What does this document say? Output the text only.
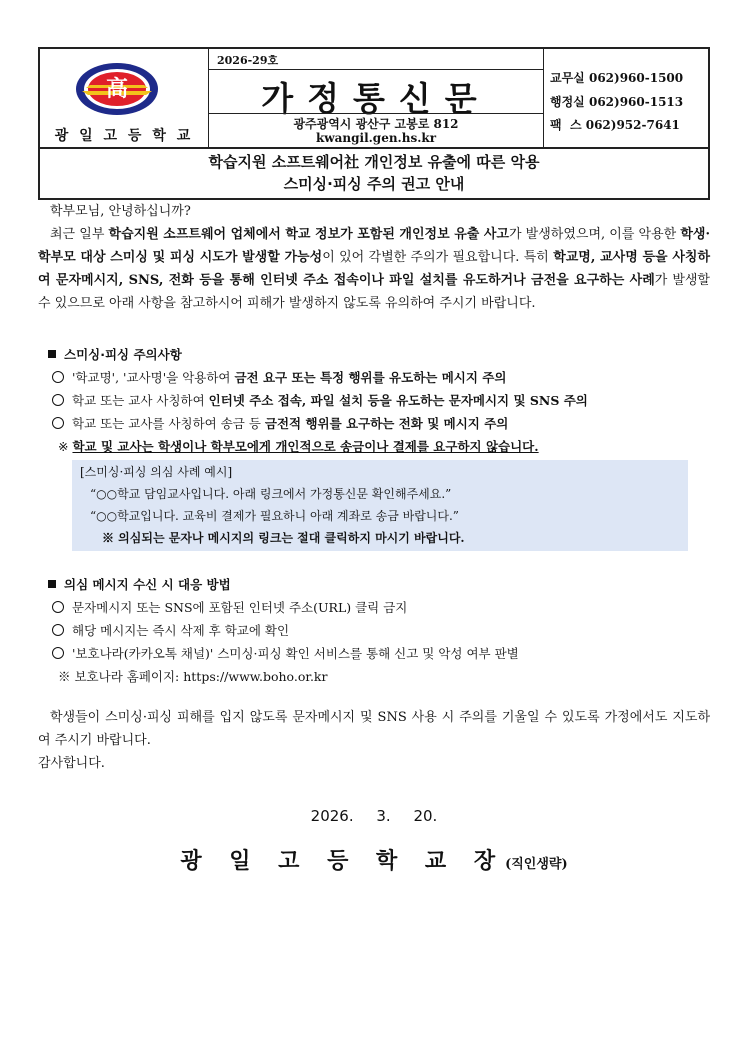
高
광 일 고 등 학 교
2026-29호
가정통신문
광주광역시 광산구 고봉로 812
kwangil.gen.hs.kr
교무실 062)960-1500
행정실 062)960-1513
팩  스 062)952-7641
학습지원 소프트웨어社 개인정보 유출에 따른 악용
스미싱·피싱 주의 권고 안내

학부모님, 안녕하십니까?

최근 일부 학습지원 소프트웨어 업체에서 학교 정보가 포함된 개인정보 유출 사고가 발생하였으며, 이를 악용한 학생·학부모 대상 스미싱 및 피싱 시도가 발생할 가능성이 있어 각별한 주의가 필요합니다. 특히 학교명, 교사명 등을 사칭하여 문자메시지, SNS, 전화 등을 통해 인터넷 주소 접속이나 파일 설치를 유도하거나 금전을 요구하는 사례가 발생할 수 있으므로 아래 사항을 참고하시어 피해가 발생하지 않도록 유의하여 주시기 바랍니다.

스미싱·피싱 주의사항

'학교명', '교사명'을 악용하여 금전 요구 또는 특정 행위를 유도하는 메시지 주의

학교 또는 교사 사칭하여 인터넷 주소 접속, 파일 설치 등을 유도하는 문자메시지 및 SNS 주의

학교 또는 교사를 사칭하여 송금 등 금전적 행위를 요구하는 전화 및 메시지 주의

※ 학교 및 교사는 학생이나 학부모에게 개인적으로 송금이나 결제를 요구하지 않습니다.

[스미싱·피싱 의심 사례 예시]
“○○학교 담임교사입니다. 아래 링크에서 가정통신문 확인해주세요.”
“○○학교입니다. 교육비 결제가 필요하니 아래 계좌로 송금 바랍니다.”
※ 의심되는 문자나 메시지의 링크는 절대 클릭하지 마시기 바랍니다.
의심 메시지 수신 시 대응 방법

문자메시지 또는 SNS에 포함된 인터넷 주소(URL) 클릭 금지

해당 메시지는 즉시 삭제 후 학교에 확인

'보호나라(카카오톡 채널)' 스미싱·피싱 확인 서비스를 통해 신고 및 악성 여부 판별

※ 보호나라 홈페이지: https://www.boho.or.kr

학생들이 스미싱·피싱 피해를 입지 않도록 문자메시지 및 SNS 사용 시 주의를 기울일 수 있도록 가정에서도 지도하여 주시기 바랍니다.

감사합니다.

2026. 3. 20.
광 일 고 등 학 교 장(직인생략)
